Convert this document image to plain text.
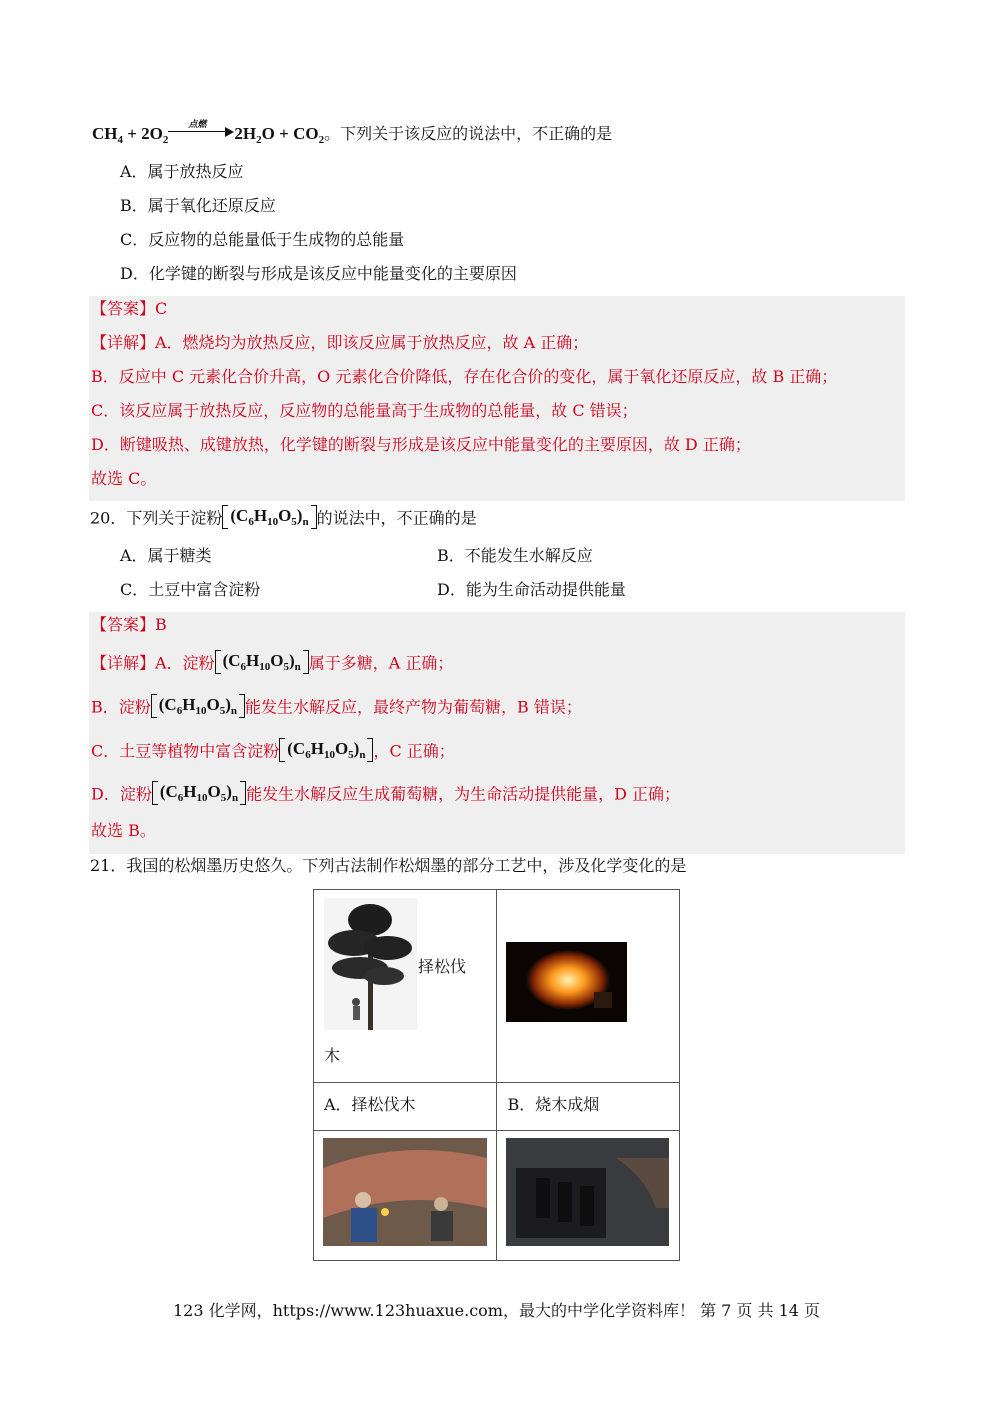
$CH_4 + 2O_2$
点燃 $2H_2O + CO_2$。下列关于该反应的说法中，不正确的是
A．属于放热反应
B．属于氧化还原反应
C．反应物的总能量低于生成物的总能量
D．化学键的断裂与形成是该反应中能量变化的主要原因
【答案】C
【详解】A．燃烧均为放热反应，即该反应属于放热反应，故 A 正确；
B．反应中 C 元素化合价升高，O 元素化合价降低，存在化合价的变化，属于氧化还原反应，故 B 正确；
C．该反应属于放热反应，反应物的总能量高于生成物的总能量，故 C 错误；
D．断键吸热、成键放热，化学键的断裂与形成是该反应中能量变化的主要原因，故 D 正确；
故选 C。
20．下列关于淀粉 $(C_6H_{10}O_5)_n$ 的说法中，不正确的是
A．属于糖类	B．不能发生水解反应
C．土豆中富含淀粉	D．能为生命活动提供能量
【答案】B
【详解】A．淀粉 $(C_6H_{10}O_5)_n$ 属于多糖，A 正确；
B．淀粉 $(C_6H_{10}O_5)_n$ 能发生水解反应，最终产物为葡萄糖，B 错误；
C．土豆等植物中富含淀粉 $(C_6H_{10}O_5)_n$ ，C 正确；
D．淀粉 $(C_6H_{10}O_5)_n$ 能发生水解反应生成葡萄糖，为生命活动提供能量，D 正确；
故选 B。
21．我国的松烟墨历史悠久。下列古法制作松烟墨的部分工艺中，涉及化学变化的是
择松伐
木

A．择松伐木	B．烧木成烟

123 化学网，https://www.123huaxue.com，最大的中学化学资料库！ 第 7 页 共 14 页
